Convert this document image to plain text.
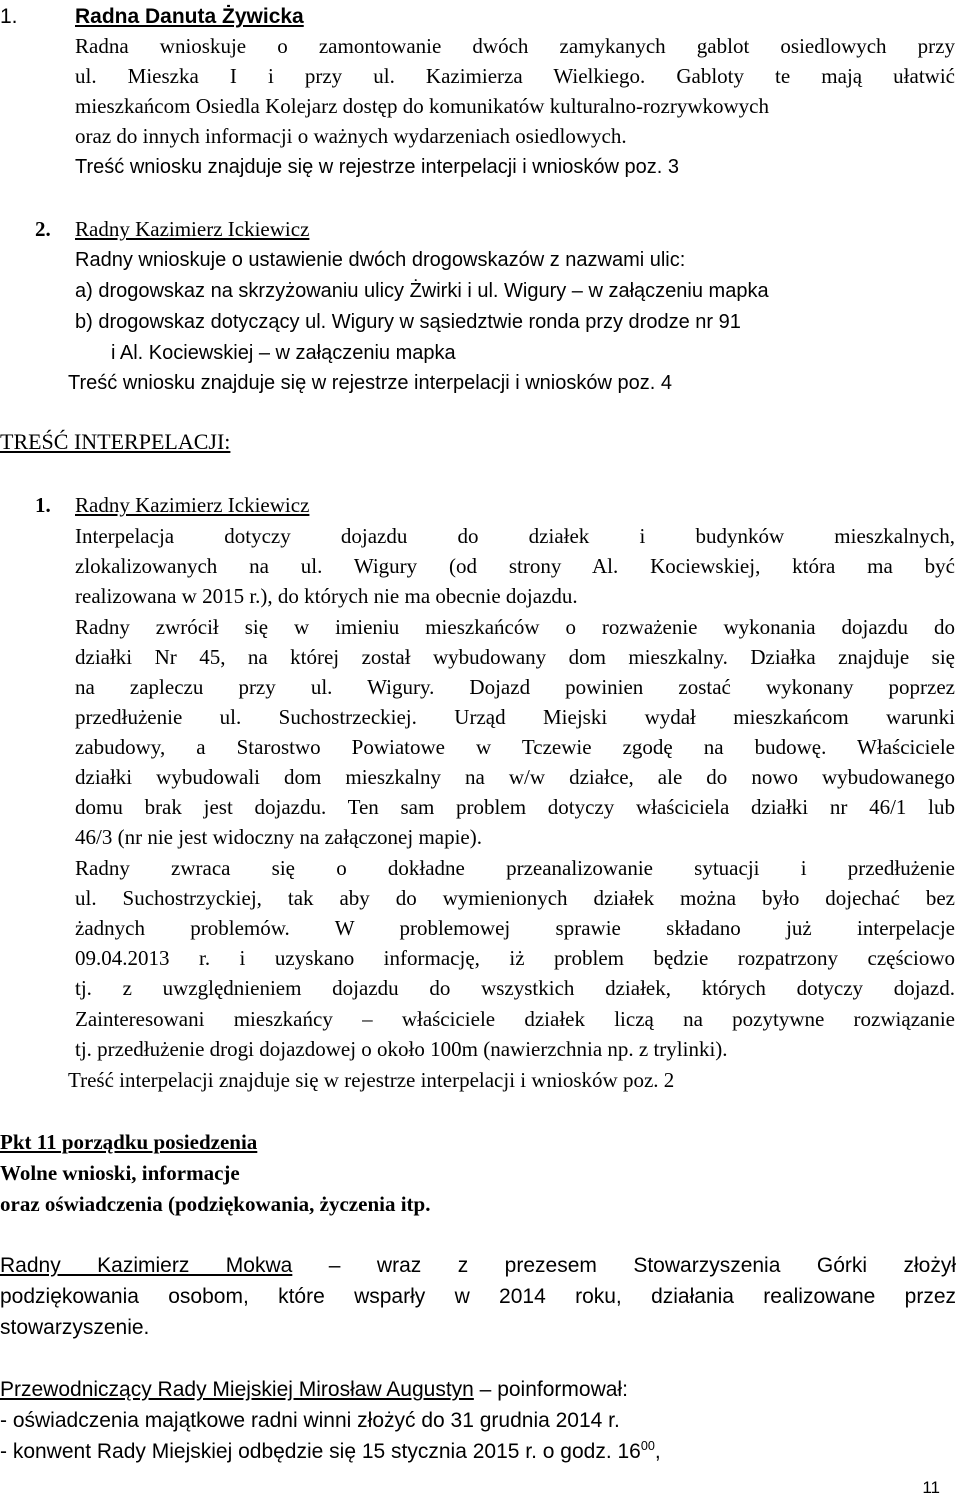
1.	Radna Danuta Żywicka
Radna wnioskuje o zamontowanie dwóch zamykanych gablot osiedlowych przy
ul. Mieszka I i przy ul. Kazimierza Wielkiego. Gabloty te mają ułatwić
mieszkańcom Osiedla Kolejarz dostęp do komunikatów kulturalno-rozrywkowych
oraz do innych informacji o ważnych wydarzeniach osiedlowych.
Treść wniosku znajduje się w rejestrze interpelacji i wniosków poz. 3
2. Radny Kazimierz Ickiewicz
Radny wnioskuje o ustawienie dwóch drogowskazów z nazwami ulic:
a) drogowskaz na skrzyżowaniu ulicy Żwirki i ul. Wigury – w załączeniu mapka
b) drogowskaz dotyczący ul. Wigury w sąsiedztwie ronda przy drodze nr 91
i Al. Kociewskiej – w załączeniu mapka
Treść wniosku znajduje się w rejestrze interpelacji i wniosków poz. 4
TREŚĆ INTERPELACJI:
1. Radny Kazimierz Ickiewicz
Interpelacja dotyczy dojazdu do działek i budynków mieszkalnych,
zlokalizowanych na ul. Wigury (od strony Al. Kociewskiej, która ma być
realizowana w 2015 r.), do których nie ma obecnie dojazdu.
Radny zwrócił się w imieniu mieszkańców o rozważenie wykonania dojazdu do
działki Nr 45, na której został wybudowany dom mieszkalny. Działka znajduje się
na zapleczu przy ul. Wigury. Dojazd powinien zostać wykonany poprzez
przedłużenie ul. Suchostrzeckiej. Urząd Miejski wydał mieszkańcom warunki
zabudowy, a Starostwo Powiatowe w Tczewie zgodę na budowę. Właściciele
działki wybudowali dom mieszkalny na w/w działce, ale do nowo wybudowanego
domu brak jest dojazdu. Ten sam problem dotyczy właściciela działki nr 46/1 lub
46/3 (nr nie jest widoczny na załączonej mapie).
Radny zwraca się o dokładne przeanalizowanie sytuacji i przedłużenie
ul. Suchostrzyckiej, tak aby do wymienionych działek można było dojechać bez
żadnych problemów. W problemowej sprawie składano już interpelacje
09.04.2013 r. i uzyskano informację, iż problem będzie rozpatrzony częściowo
tj. z uwzględnieniem dojazdu do wszystkich działek, których dotyczy dojazd.
Zainteresowani mieszkańcy – właściciele działek liczą na pozytywne rozwiązanie
tj. przedłużenie drogi dojazdowej o około 100m (nawierzchnia np. z trylinki).
Treść interpelacji znajduje się w rejestrze interpelacji i wniosków poz. 2
Pkt 11 porządku posiedzenia
Wolne wnioski, informacje
oraz oświadczenia (podziękowania, życzenia itp.
Radny Kazimierz Mokwa – wraz z prezesem Stowarzyszenia Górki złożył
podziękowania osobom, które wsparły w 2014 roku, działania realizowane przez
stowarzyszenie.
Przewodniczący Rady Miejskiej Mirosław Augustyn – poinformował:
- oświadczenia majątkowe radni winni złożyć do 31 grudnia 2014 r.
- konwent Rady Miejskiej odbędzie się 15 stycznia 2015 r. o godz. $16^{00}$,
11
